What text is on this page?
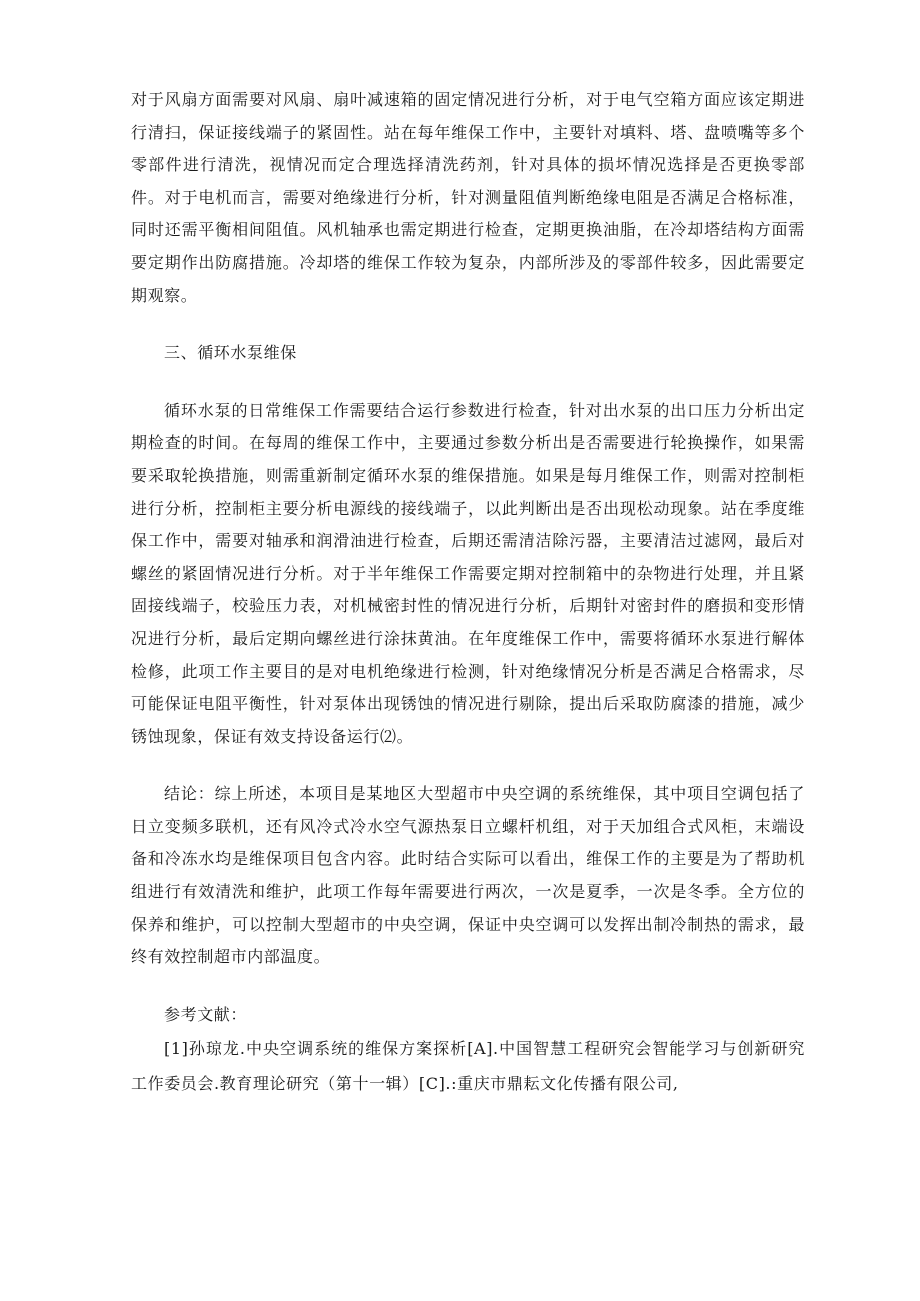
对于风扇方面需要对风扇、扇叶减速箱的固定情况进行分析，对于电气空箱方面应该定期进行清扫，保证接线端子的紧固性。站在每年维保工作中，主要针对填料、塔、盘喷嘴等多个零部件进行清洗，视情况而定合理选择清洗药剂，针对具体的损坏情况选择是否更换零部件。对于电机而言，需要对绝缘进行分析，针对测量阻值判断绝缘电阻是否满足合格标准，同时还需平衡相间阻值。风机轴承也需定期进行检查，定期更换油脂，在冷却塔结构方面需要定期作出防腐措施。冷却塔的维保工作较为复杂，内部所涉及的零部件较多，因此需要定期观察。

三、循环水泵维保

循环水泵的日常维保工作需要结合运行参数进行检查，针对出水泵的出口压力分析出定期检查的时间。在每周的维保工作中，主要通过参数分析出是否需要进行轮换操作，如果需要采取轮换措施，则需重新制定循环水泵的维保措施。如果是每月维保工作，则需对控制柜进行分析，控制柜主要分析电源线的接线端子，以此判断出是否出现松动现象。站在季度维保工作中，需要对轴承和润滑油进行检查，后期还需清洁除污器，主要清洁过滤网，最后对螺丝的紧固情况进行分析。对于半年维保工作需要定期对控制箱中的杂物进行处理，并且紧固接线端子，校验压力表，对机械密封性的情况进行分析，后期针对密封件的磨损和变形情况进行分析，最后定期向螺丝进行涂抹黄油。在年度维保工作中，需要将循环水泵进行解体检修，此项工作主要目的是对电机绝缘进行检测，针对绝缘情况分析是否满足合格需求，尽可能保证电阻平衡性，针对泵体出现锈蚀的情况进行剔除，提出后采取防腐漆的措施，减少锈蚀现象，保证有效支持设备运行⑵。

结论：综上所述，本项目是某地区大型超市中央空调的系统维保，其中项目空调包括了日立变频多联机，还有风冷式冷水空气源热泵日立螺杆机组，对于天加组合式风柜，末端设备和冷冻水均是维保项目包含内容。此时结合实际可以看出，维保工作的主要是为了帮助机组进行有效清洗和维护，此项工作每年需要进行两次，一次是夏季，一次是冬季。全方位的保养和维护，可以控制大型超市的中央空调，保证中央空调可以发挥出制冷制热的需求，最终有效控制超市内部温度。

参考文献：

[1]孙琼龙.中央空调系统的维保方案探析[A].中国智慧工程研究会智能学习与创新研究工作委员会.教育理论研究（第十一辑）[C].:重庆市鼎耘文化传播有限公司,
